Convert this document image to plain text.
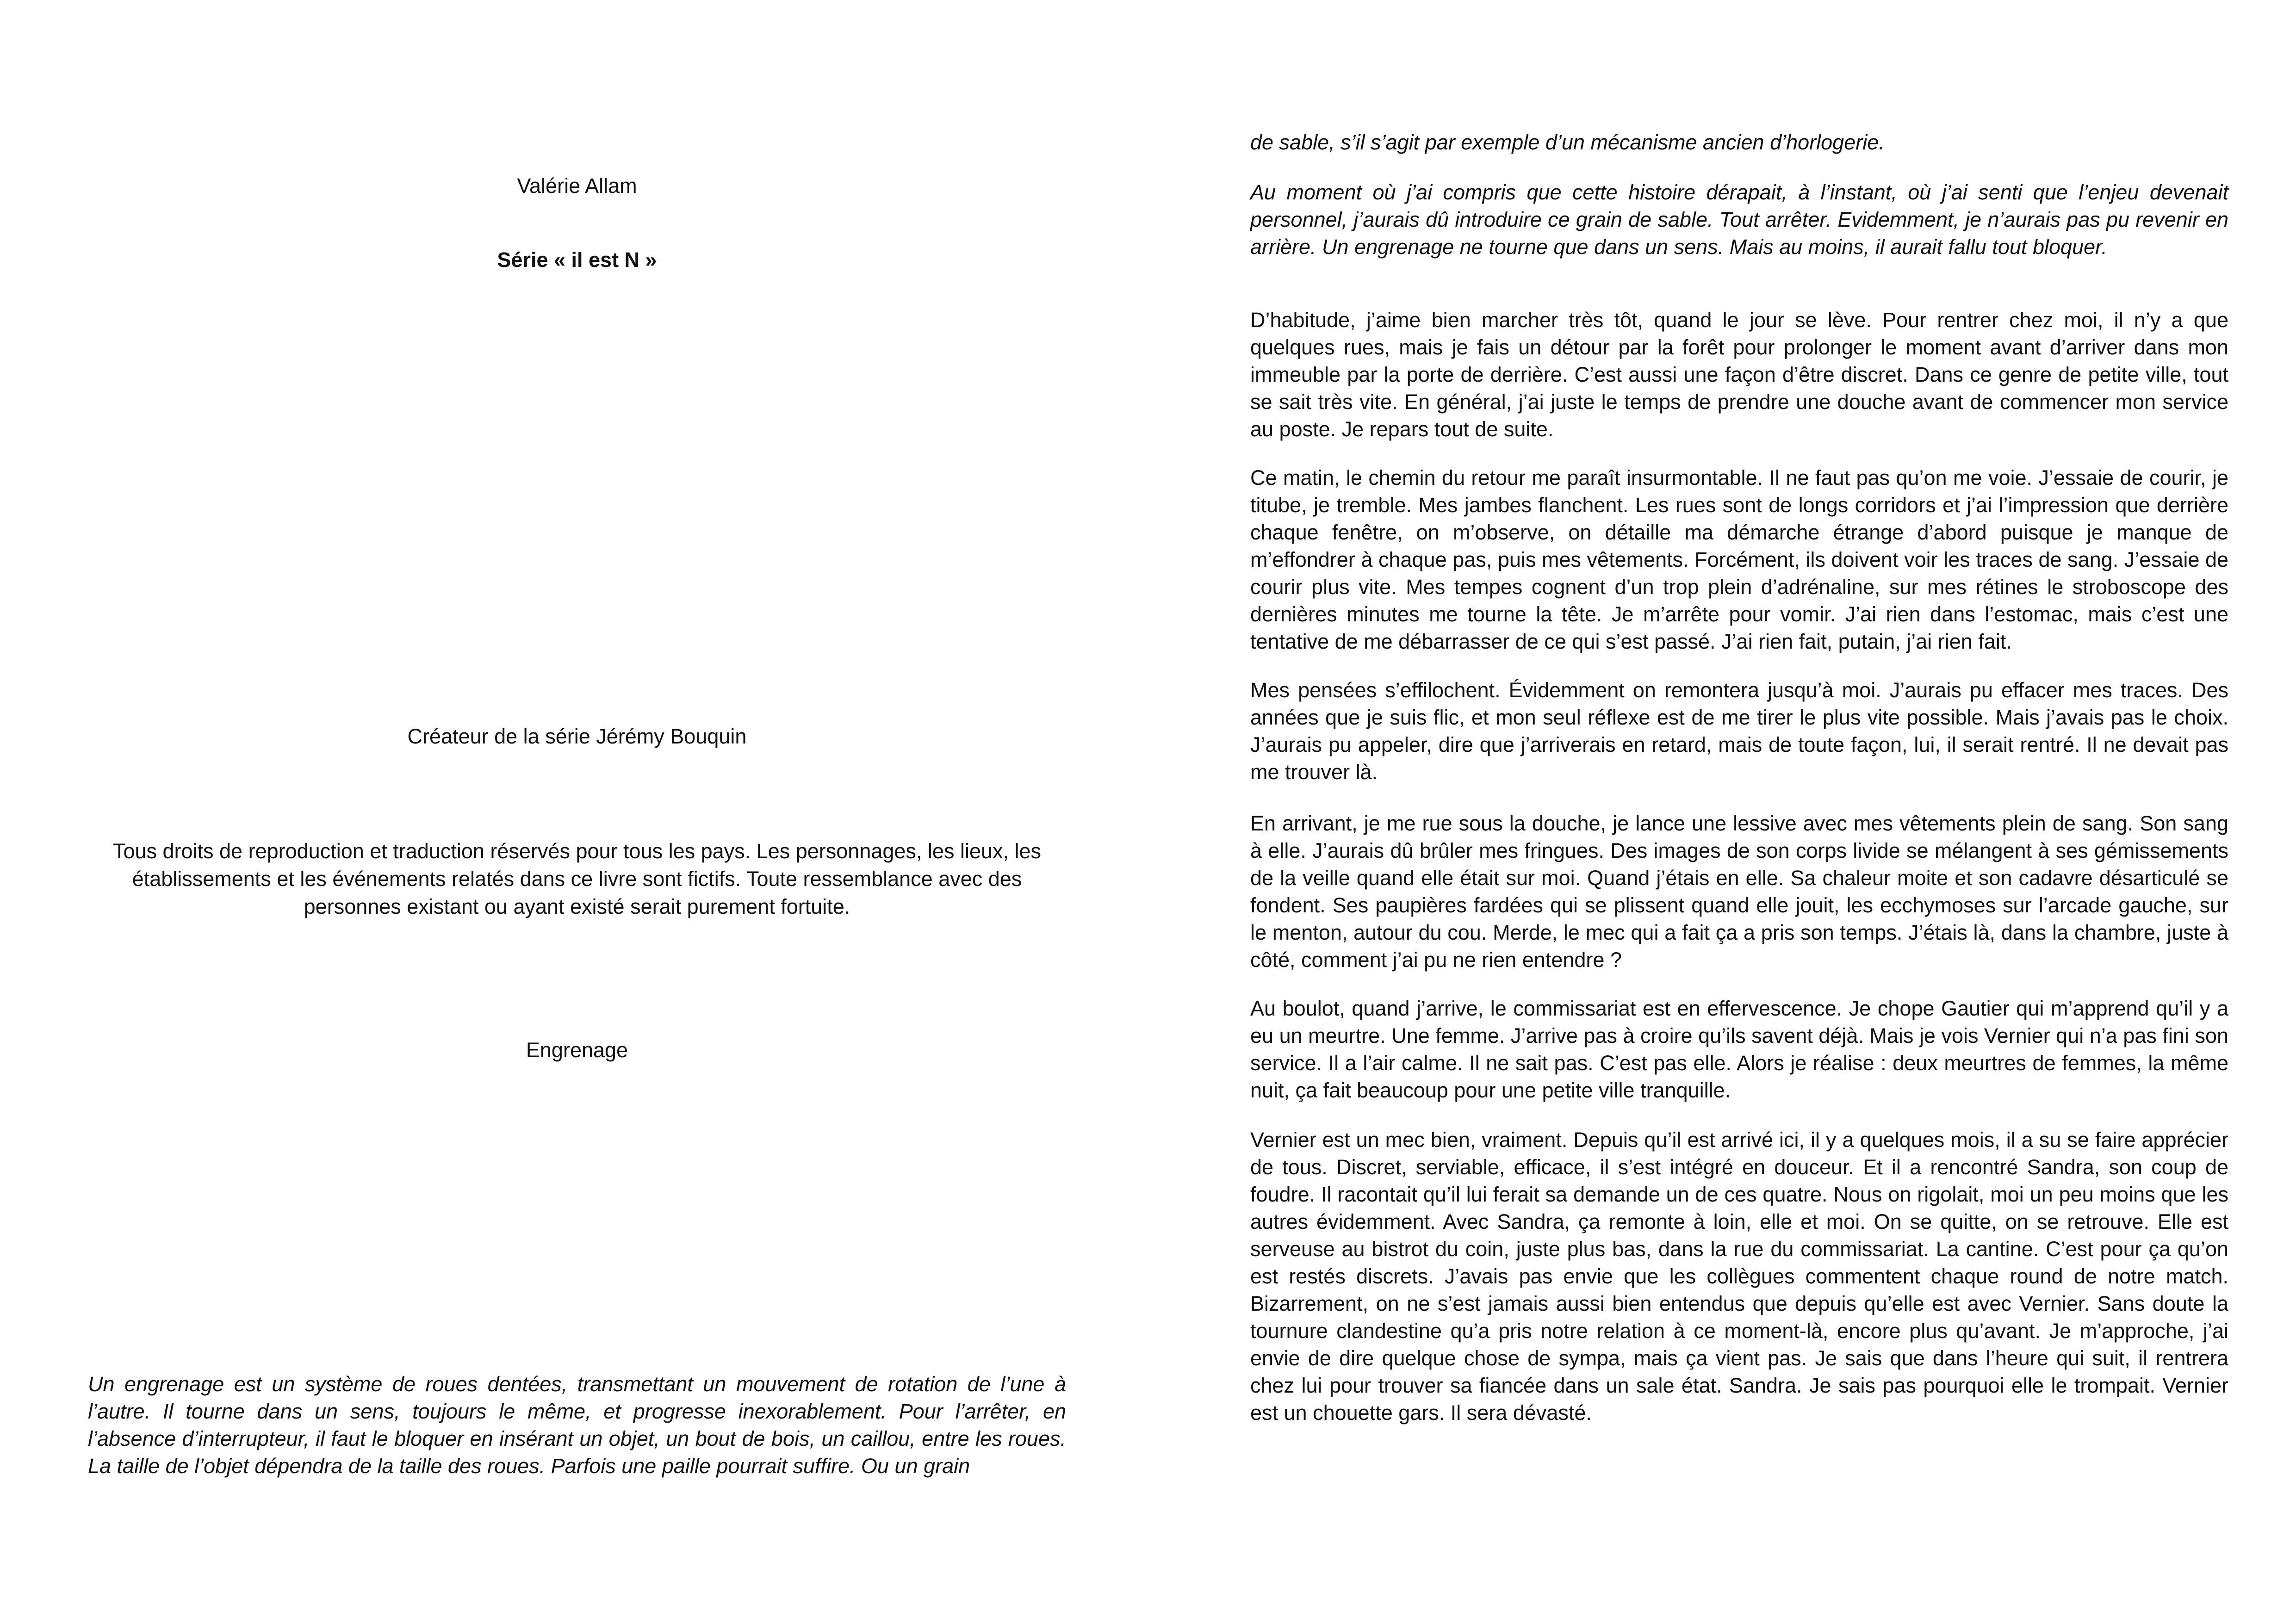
Valérie Allam

Série « il est N »

Créateur de la série Jérémy Bouquin

Tous droits de reproduction et traduction réservés pour tous les pays. Les personnages, les lieux, les établissements et les événements relatés dans ce livre sont fictifs. Toute ressemblance avec des personnes existant ou ayant existé serait purement fortuite.

Engrenage

Un engrenage est un système de roues dentées, transmettant un mouvement de rotation de l’une à l’autre. Il tourne dans un sens, toujours le même, et progresse inexorablement. Pour l’arrêter, en l’absence d’interrupteur, il faut le bloquer en insérant un objet, un bout de bois, un caillou, entre les roues. La taille de l’objet dépendra de la taille des roues. Parfois une paille pourrait suffire. Ou un grain

de sable, s’il s’agit par exemple d’un mécanisme ancien d’horlogerie.

Au moment où j’ai compris que cette histoire dérapait, à l’instant, où j’ai senti que l’enjeu devenait personnel, j’aurais dû introduire ce grain de sable. Tout arrêter. Evidemment, je n’aurais pas pu revenir en arrière. Un engrenage ne tourne que dans un sens. Mais au moins, il aurait fallu tout bloquer.

D’habitude, j’aime bien marcher très tôt, quand le jour se lève. Pour rentrer chez moi, il n’y a que quelques rues, mais je fais un détour par la forêt pour prolonger le moment avant d’arriver dans mon immeuble par la porte de derrière. C’est aussi une façon d’être discret. Dans ce genre de petite ville, tout se sait très vite. En général, j’ai juste le temps de prendre une douche avant de commencer mon service au poste. Je repars tout de suite.

Ce matin, le chemin du retour me paraît insurmontable. Il ne faut pas qu’on me voie. J’essaie de courir, je titube, je tremble. Mes jambes flanchent. Les rues sont de longs corridors et j’ai l’impression que derrière chaque fenêtre, on m’observe, on détaille ma démarche étrange d’abord puisque je manque de m’effondrer à chaque pas, puis mes vêtements. Forcément, ils doivent voir les traces de sang. J’essaie de courir plus vite. Mes tempes cognent d’un trop plein d’adrénaline, sur mes rétines le stroboscope des dernières minutes me tourne la tête. Je m’arrête pour vomir. J’ai rien dans l’estomac, mais c’est une tentative de me débarrasser de ce qui s’est passé. J’ai rien fait, putain, j’ai rien fait.

Mes pensées s’effilochent. Évidemment on remontera jusqu’à moi. J’aurais pu effacer mes traces. Des années que je suis flic, et mon seul réflexe est de me tirer le plus vite possible. Mais j’avais pas le choix. J’aurais pu appeler, dire que j’arriverais en retard, mais de toute façon, lui, il serait rentré. Il ne devait pas me trouver là.

En arrivant, je me rue sous la douche, je lance une lessive avec mes vêtements plein de sang. Son sang à elle. J’aurais dû brûler mes fringues. Des images de son corps livide se mélangent à ses gémissements de la veille quand elle était sur moi. Quand j’étais en elle. Sa chaleur moite et son cadavre désarticulé se fondent. Ses paupières fardées qui se plissent quand elle jouit, les ecchymoses sur l’arcade gauche, sur le menton, autour du cou. Merde, le mec qui a fait ça a pris son temps. J’étais là, dans la chambre, juste à côté, comment j’ai pu ne rien entendre ?

Au boulot, quand j’arrive, le commissariat est en effervescence. Je chope Gautier qui m’apprend qu’il y a eu un meurtre. Une femme. J’arrive pas à croire qu’ils savent déjà. Mais je vois Vernier qui n’a pas fini son service. Il a l’air calme. Il ne sait pas. C’est pas elle. Alors je réalise : deux meurtres de femmes, la même nuit, ça fait beaucoup pour une petite ville tranquille.

Vernier est un mec bien, vraiment. Depuis qu’il est arrivé ici, il y a quelques mois, il a su se faire apprécier de tous. Discret, serviable, efficace, il s’est intégré en douceur. Et il a rencontré Sandra, son coup de foudre. Il racontait qu’il lui ferait sa demande un de ces quatre. Nous on rigolait, moi un peu moins que les autres évidemment. Avec Sandra, ça remonte à loin, elle et moi. On se quitte, on se retrouve. Elle est serveuse au bistrot du coin, juste plus bas, dans la rue du commissariat. La cantine. C’est pour ça qu’on est restés discrets. J’avais pas envie que les collègues commentent chaque round de notre match. Bizarrement, on ne s’est jamais aussi bien entendus que depuis qu’elle est avec Vernier. Sans doute la tournure clandestine qu’a pris notre relation à ce moment-là, encore plus qu’avant. Je m’approche, j’ai envie de dire quelque chose de sympa, mais ça vient pas. Je sais que dans l’heure qui suit, il rentrera chez lui pour trouver sa fiancée dans un sale état. Sandra. Je sais pas pourquoi elle le trompait. Vernier est un chouette gars. Il sera dévasté.
